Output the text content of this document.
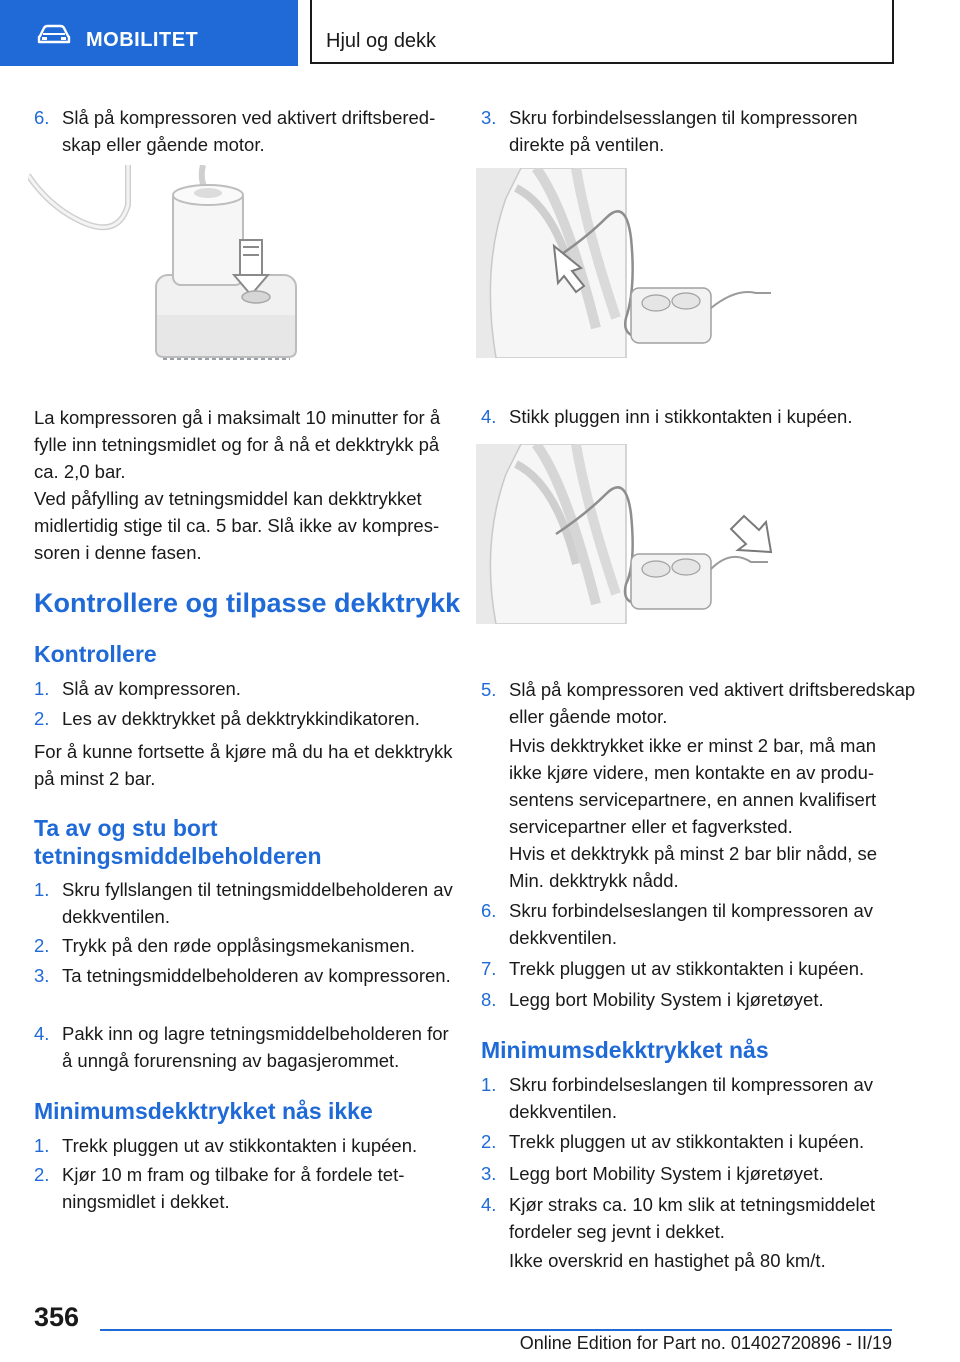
MOBILITET	Hjul og dekk
6. Slå på kompressoren ved aktivert driftsberedskap eller gående motor.

La kompressoren gå i maksimalt 10 minutter for å fylle inn tetningsmidlet og for å nå et dekktrykk på ca. 2,0 bar.

Ved påfylling av tetningsmiddel kan dekktrykket midlertidig stige til ca. 5 bar. Slå ikke av kompressoren i denne fasen.

Kontrollere og tilpasse dekktrykk
Kontrollere
1. Slå av kompressoren.
2. Les av dekktrykket på dekktrykkindikatoren.

For å kunne fortsette å kjøre må du ha et dekktrykk på minst 2 bar.

Ta av og stu bort tetningsmiddelbeholderen
1. Skru fyllslangen til tetningsmiddelbeholderen av dekkventilen.
2. Trykk på den røde opplåsingsmekanismen.
3. Ta tetningsmiddelbeholderen av kompressoren.
4. Pakk inn og lagre tetningsmiddelbeholderen for å unngå forurensning av bagasjerommet.
Minimumsdekktrykket nås ikke
1. Trekk pluggen ut av stikkontakten i kupéen.
2. Kjør 10 m fram og tilbake for å fordele tetningsmidlet i dekket.
3. Skru forbindelsesslangen til kompressoren direkte på ventilen.
4. Stikk pluggen inn i stikkontakten i kupéen.
5. Slå på kompressoren ved aktivert driftsberedskap eller gående motor.

Hvis dekktrykket ikke er minst 2 bar, må man ikke kjøre videre, men kontakte en av produsentens servicepartnere, en annen kvalifisert servicepartner eller et fagverksted.

Hvis et dekktrykk på minst 2 bar blir nådd, se Min. dekktrykk nådd.

6. Skru forbindelseslangen til kompressoren av dekkventilen.
7. Trekk pluggen ut av stikkontakten i kupéen.
8. Legg bort Mobility System i kjøretøyet.
Minimumsdekktrykket nås
1. Skru forbindelseslangen til kompressoren av dekkventilen.
2. Trekk pluggen ut av stikkontakten i kupéen.
3. Legg bort Mobility System i kjøretøyet.
4. Kjør straks ca. 10 km slik at tetningsmiddelet fordeler seg jevnt i dekket.

Ikke overskrid en hastighet på 80 km/t.

356
Online Edition for Part no. 01402720896 - II/19
